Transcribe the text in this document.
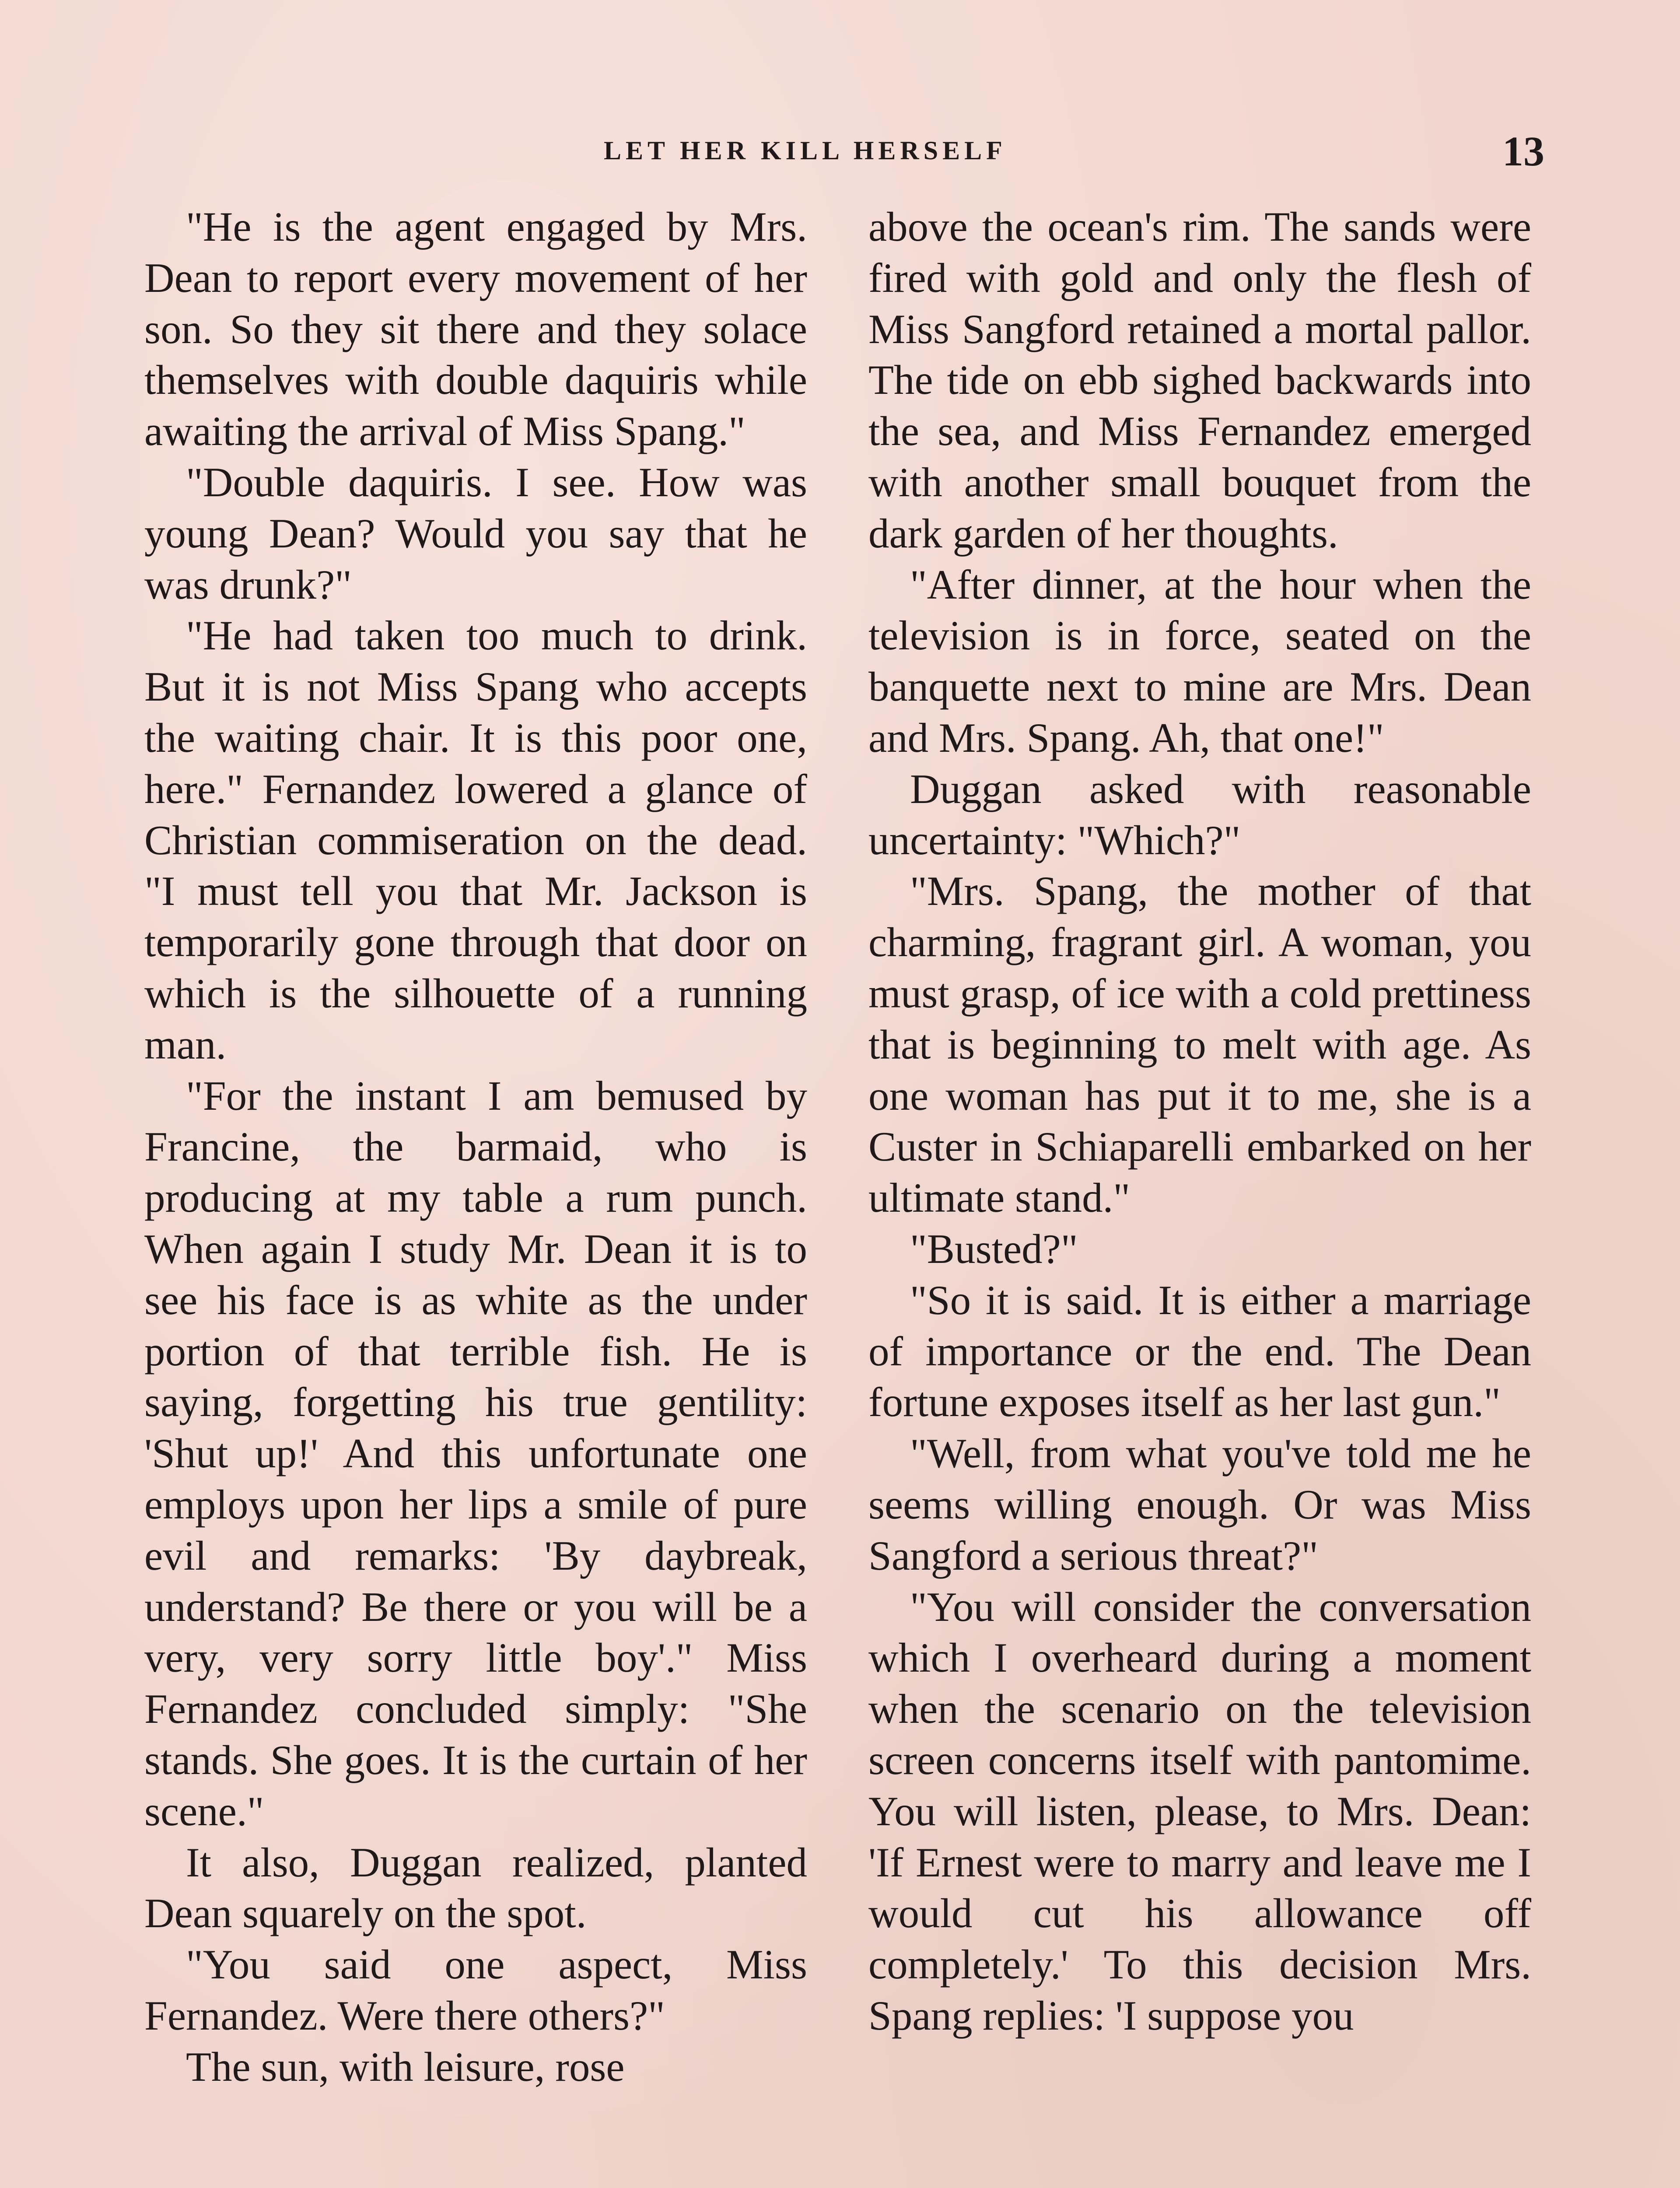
LET HER KILL HERSELF	13

"He is the agent engaged by Mrs. Dean to report every movement of her son. So they sit there and they solace themselves with double daquiris while awaiting the arrival of Miss Spang."

"Double daquiris. I see. How was young Dean? Would you say that he was drunk?"

"He had taken too much to drink. But it is not Miss Spang who accepts the waiting chair. It is this poor one, here." Fernandez lowered a glance of Christian commiseration on the dead. "I must tell you that Mr. Jackson is temporarily gone through that door on which is the silhouette of a running man.

"For the instant I am bemused by Francine, the barmaid, who is producing at my table a rum punch. When again I study Mr. Dean it is to see his face is as white as the under portion of that terrible fish. He is saying, forgetting his true gentility: 'Shut up!' And this unfortunate one employs upon her lips a smile of pure evil and remarks: 'By daybreak, understand? Be there or you will be a very, very sorry little boy'." Miss Fernandez concluded simply: "She stands. She goes. It is the curtain of her scene."

It also, Duggan realized, planted Dean squarely on the spot.

"You said one aspect, Miss Fernandez. Were there others?"

The sun, with leisure, rose

above the ocean's rim. The sands were fired with gold and only the flesh of Miss Sangford retained a mortal pallor. The tide on ebb sighed backwards into the sea, and Miss Fernandez emerged with another small bouquet from the dark garden of her thoughts.

"After dinner, at the hour when the television is in force, seated on the banquette next to mine are Mrs. Dean and Mrs. Spang. Ah, that one!"

Duggan asked with reasonable uncertainty: "Which?"

"Mrs. Spang, the mother of that charming, fragrant girl. A woman, you must grasp, of ice with a cold prettiness that is beginning to melt with age. As one woman has put it to me, she is a Custer in Schiaparelli embarked on her ultimate stand."

"Busted?"

"So it is said. It is either a marriage of importance or the end. The Dean fortune exposes itself as her last gun."

"Well, from what you've told me he seems willing enough. Or was Miss Sangford a serious threat?"

"You will consider the conversation which I overheard during a moment when the scenario on the television screen concerns itself with pantomime. You will listen, please, to Mrs. Dean: 'If Ernest were to marry and leave me I would cut his allowance off completely.' To this decision Mrs. Spang replies: 'I suppose you
